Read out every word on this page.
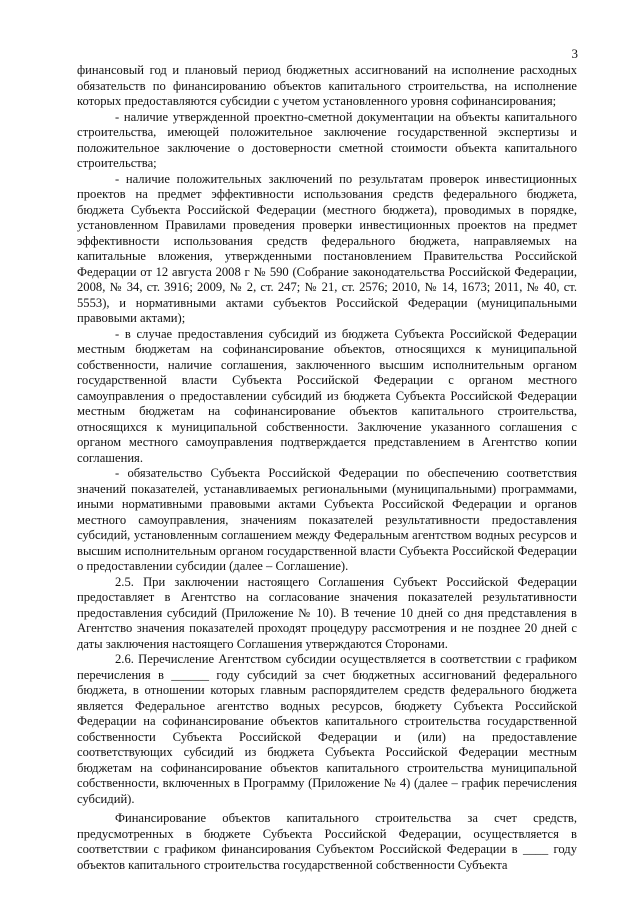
3

финансовый год и плановый период бюджетных ассигнований на исполнение расходных обязательств по финансированию объектов капитального строительства, на исполнение которых предоставляются субсидии с учетом установленного уровня софинансирования;

- наличие утвержденной проектно-сметной документации на объекты капитального строительства, имеющей положительное заключение государственной экспертизы и положительное заключение о достоверности сметной стоимости объекта капитального строительства;

- наличие положительных заключений по результатам проверок инвестиционных проектов на предмет эффективности использования средств федерального бюджета, бюджета Субъекта Российской Федерации (местного бюджета), проводимых в порядке, установленном Правилами проведения проверки инвестиционных проектов на предмет эффективности использования средств федерального бюджета, направляемых на капитальные вложения, утвержденными постановлением Правительства Российской Федерации от 12 августа 2008 г № 590 (Собрание законодательства Российской Федерации, 2008, № 34, ст. 3916; 2009, № 2, ст. 247; № 21, ст. 2576; 2010, № 14, 1673; 2011, № 40, ст. 5553), и нормативными актами субъектов Российской Федерации (муниципальными правовыми актами);

- в случае предоставления субсидий из бюджета Субъекта Российской Федерации местным бюджетам на софинансирование объектов, относящихся к муниципальной собственности, наличие соглашения, заключенного высшим исполнительным органом государственной власти Субъекта Российской Федерации с органом местного самоуправления о предоставлении субсидий из бюджета Субъекта Российской Федерации местным бюджетам на софинансирование объектов капитального строительства, относящихся к муниципальной собственности. Заключение указанного соглашения с органом местного самоуправления подтверждается представлением в Агентство копии соглашения.

- обязательство Субъекта Российской Федерации по обеспечению соответствия значений показателей, устанавливаемых региональными (муниципальными) программами, иными нормативными правовыми актами Субъекта Российской Федерации и органов местного самоуправления, значениям показателей результативности предоставления субсидий, установленным соглашением между Федеральным агентством водных ресурсов и высшим исполнительным органом государственной власти Субъекта Российской Федерации о предоставлении субсидии (далее – Соглашение).

2.5. При заключении настоящего Соглашения Субъект Российской Федерации предоставляет в Агентство на согласование значения показателей результативности предоставления субсидий (Приложение № 10). В течение 10 дней со дня представления в Агентство значения показателей проходят процедуру рассмотрения и не позднее 20 дней с даты заключения настоящего Соглашения утверждаются Сторонами.

2.6. Перечисление Агентством субсидии осуществляется в соответствии с графиком перечисления в ______ году субсидий за счет бюджетных ассигнований федерального бюджета, в отношении которых главным распорядителем средств федерального бюджета является Федеральное агентство водных ресурсов, бюджету Субъекта Российской Федерации на софинансирование объектов капитального строительства государственной собственности Субъекта Российской Федерации и (или) на предоставление соответствующих субсидий из бюджета Субъекта Российской Федерации местным бюджетам на софинансирование объектов капитального строительства муниципальной собственности, включенных в Программу (Приложение № 4) (далее – график перечисления субсидий).

Финансирование объектов капитального строительства за счет средств, предусмотренных в бюджете Субъекта Российской Федерации, осуществляется в соответствии с графиком финансирования Субъектом Российской Федерации в ____ году объектов капитального строительства государственной собственности Субъекта
